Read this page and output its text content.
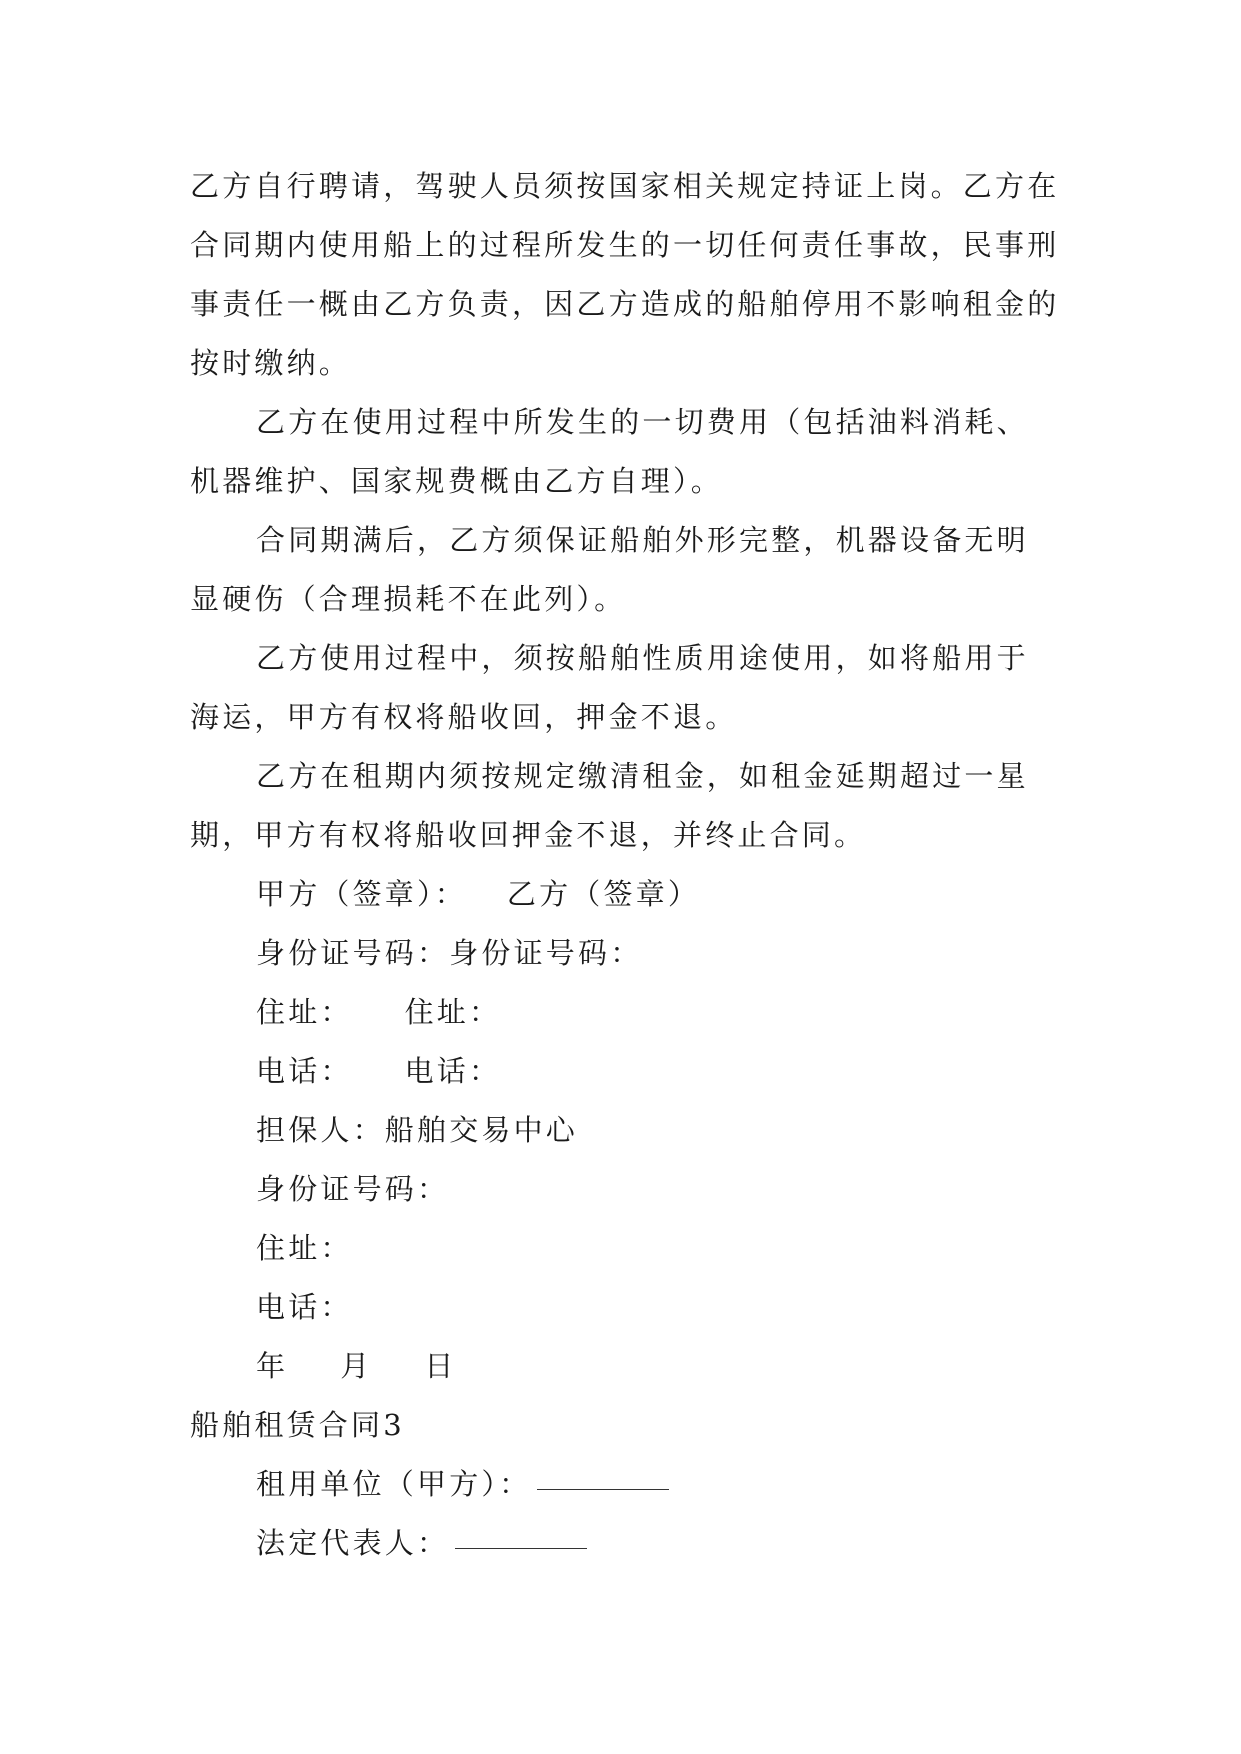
乙方自行聘请，驾驶人员须按国家相关规定持证上岗。乙方在合同期内使用船上的过程所发生的一切任何责任事故，民事刑事责任一概由乙方负责，因乙方造成的船舶停用不影响租金的按时缴纳。

乙方在使用过程中所发生的一切费用（包括油料消耗、机器维护、国家规费概由乙方自理）。

合同期满后，乙方须保证船舶外形完整，机器设备无明显硬伤（合理损耗不在此列）。

乙方使用过程中，须按船舶性质用途使用，如将船用于海运，甲方有权将船收回，押金不退。

乙方在租期内须按规定缴清租金，如租金延期超过一星期，甲方有权将船收回押金不退，并终止合同。

甲方（签章）： 乙方（签章）

身份证号码：身份证号码：

住址： 住址：

电话： 电话：

担保人：船舶交易中心

身份证号码：

住址：

电话：

年 月 日

船舶租赁合同3

租用单位（甲方）：

法定代表人：
